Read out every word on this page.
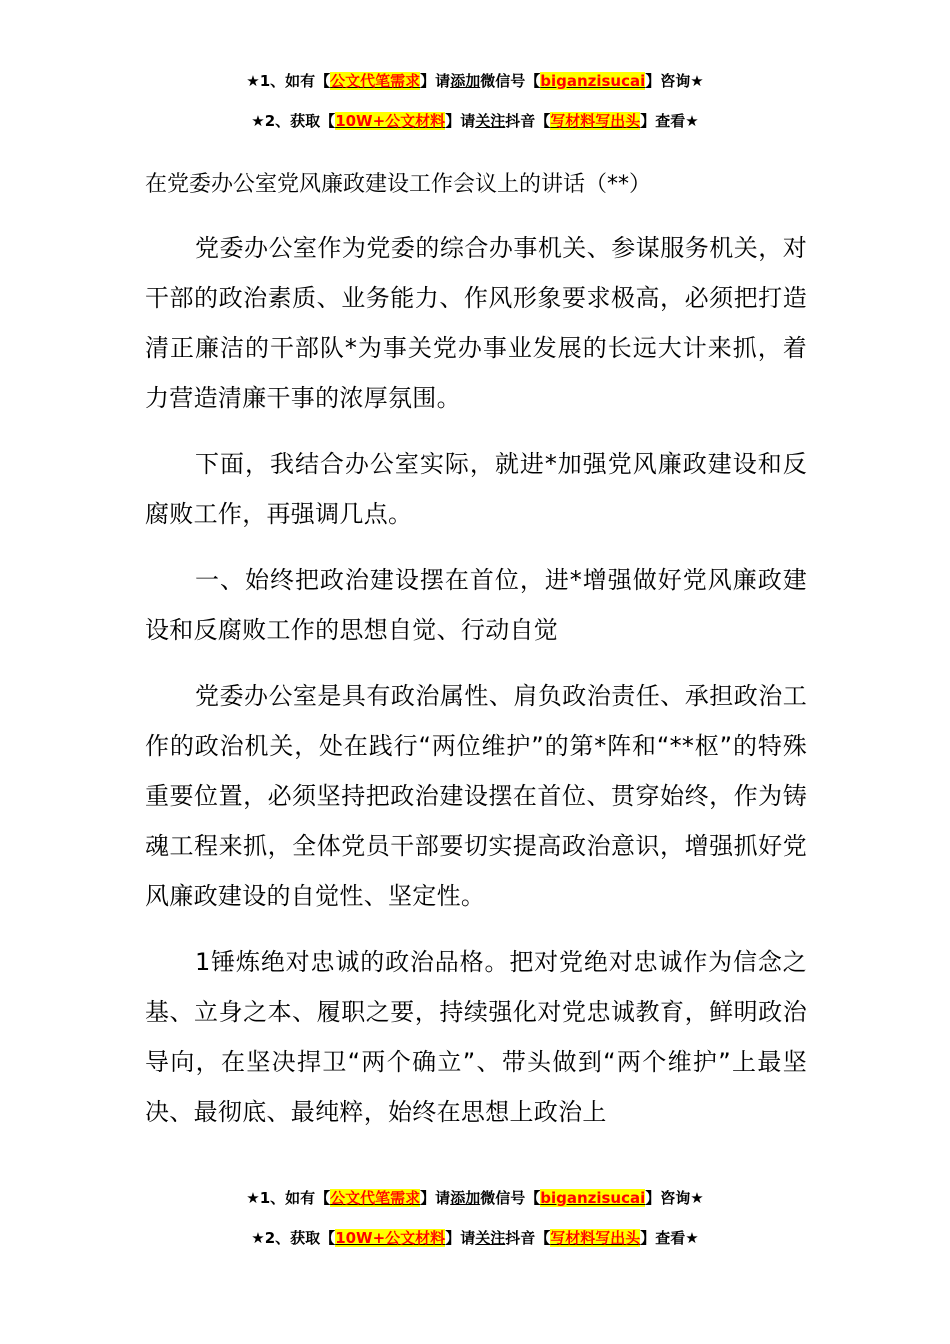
★1、如有【公文代笔需求】请添加微信号【biganzisucai】咨询★
★2、获取【10W+公文材料】请关注抖音【写材料写出头】查看★
在党委办公室党风廉政建设工作会议上的讲话（**）

党委办公室作为党委的综合办事机关、参谋服务机关，对干部的政治素质、业务能力、作风形象要求极高，必须把打造清正廉洁的干部队*为事关党办事业发展的长远大计来抓，着力营造清廉干事的浓厚氛围。

下面，我结合办公室实际，就进*加强党风廉政建设和反腐败工作，再强调几点。

一、始终把政治建设摆在首位，进*增强做好党风廉政建设和反腐败工作的思想自觉、行动自觉

党委办公室是具有政治属性、肩负政治责任、承担政治工作的政治机关，处在践行“两位维护”的第*阵和“**枢”的特殊重要位置，必须坚持把政治建设摆在首位、贯穿始终，作为铸魂工程来抓，全体党员干部要切实提高政治意识，增强抓好党风廉政建设的自觉性、坚定性。

1锤炼绝对忠诚的政治品格。把对党绝对忠诚作为信念之基、立身之本、履职之要，持续强化对党忠诚教育，鲜明政治导向，在坚决捍卫“两个确立”、带头做到“两个维护”上最坚决、最彻底、最纯粹，始终在思想上政治上

★1、如有【公文代笔需求】请添加微信号【biganzisucai】咨询★
★2、获取【10W+公文材料】请关注抖音【写材料写出头】查看★
